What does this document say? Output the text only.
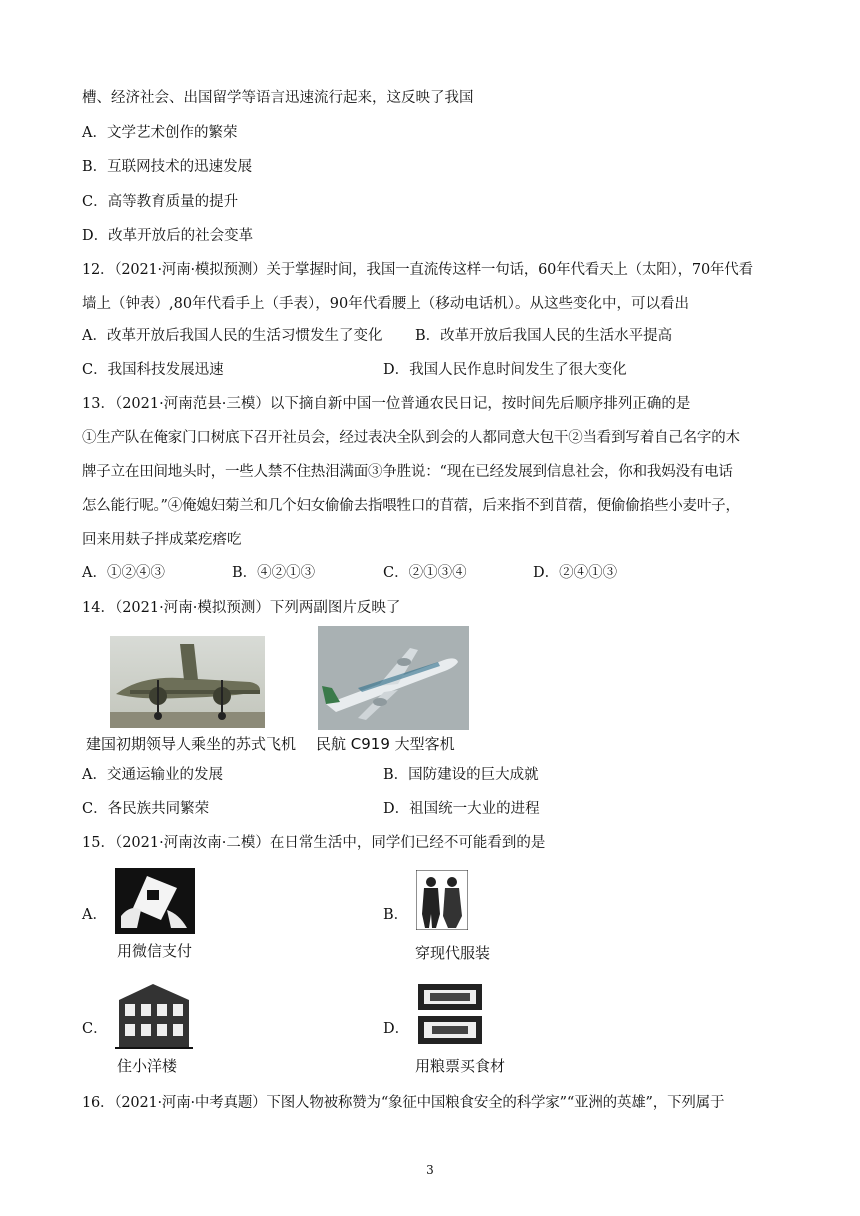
槽、经济社会、出国留学等语言迅速流行起来，这反映了我国
A．文学艺术创作的繁荣
B．互联网技术的迅速发展
C．高等教育质量的提升
D．改革开放后的社会变革
12．（2021·河南·模拟预测）关于掌握时间，我国一直流传这样一句话，60年代看天上（太阳），70年代看
墙上（钟表）,80年代看手上（手表），90年代看腰上（移动电话机）。从这些变化中，可以看出
A．改革开放后我国人民的生活习惯发生了变化 B．改革开放后我国人民的生活水平提高
C．我国科技发展迅速	D．我国人民作息时间发生了很大变化
13．（2021·河南范县·三模）以下摘自新中国一位普通农民日记，按时间先后顺序排列正确的是
①生产队在俺家门口树底下召开社员会，经过表决全队到会的人都同意大包干②当看到写着自己名字的木
牌子立在田间地头时，一些人禁不住热泪满面③争胜说：“现在已经发展到信息社会，你和我妈没有电话
怎么能行呢。”④俺媳妇菊兰和几个妇女偷偷去指喂牲口的苜蓿，后来指不到苜蓿，便偷偷掐些小麦叶子，
回来用麸子拌成菜疙瘩吃
A．①②④③	B．④②①③	C．②①③④	D．②④①③
14．（2021·河南·模拟预测）下列两副图片反映了
建国初期领导人乘坐的苏式飞机 民航 C919 大型客机
A．交通运输业的发展	B．国防建设的巨大成就
C．各民族共同繁荣	D．祖国统一大业的进程
15．（2021·河南汝南·二模）在日常生活中，同学们已经不可能看到的是
A．
用微信支付
B．
穿现代服装
C．
住小洋楼
D．
用粮票买食材
16．（2021·河南·中考真题）下图人物被称赞为“象征中国粮食安全的科学家”“亚洲的英雄”，下列属于
3
